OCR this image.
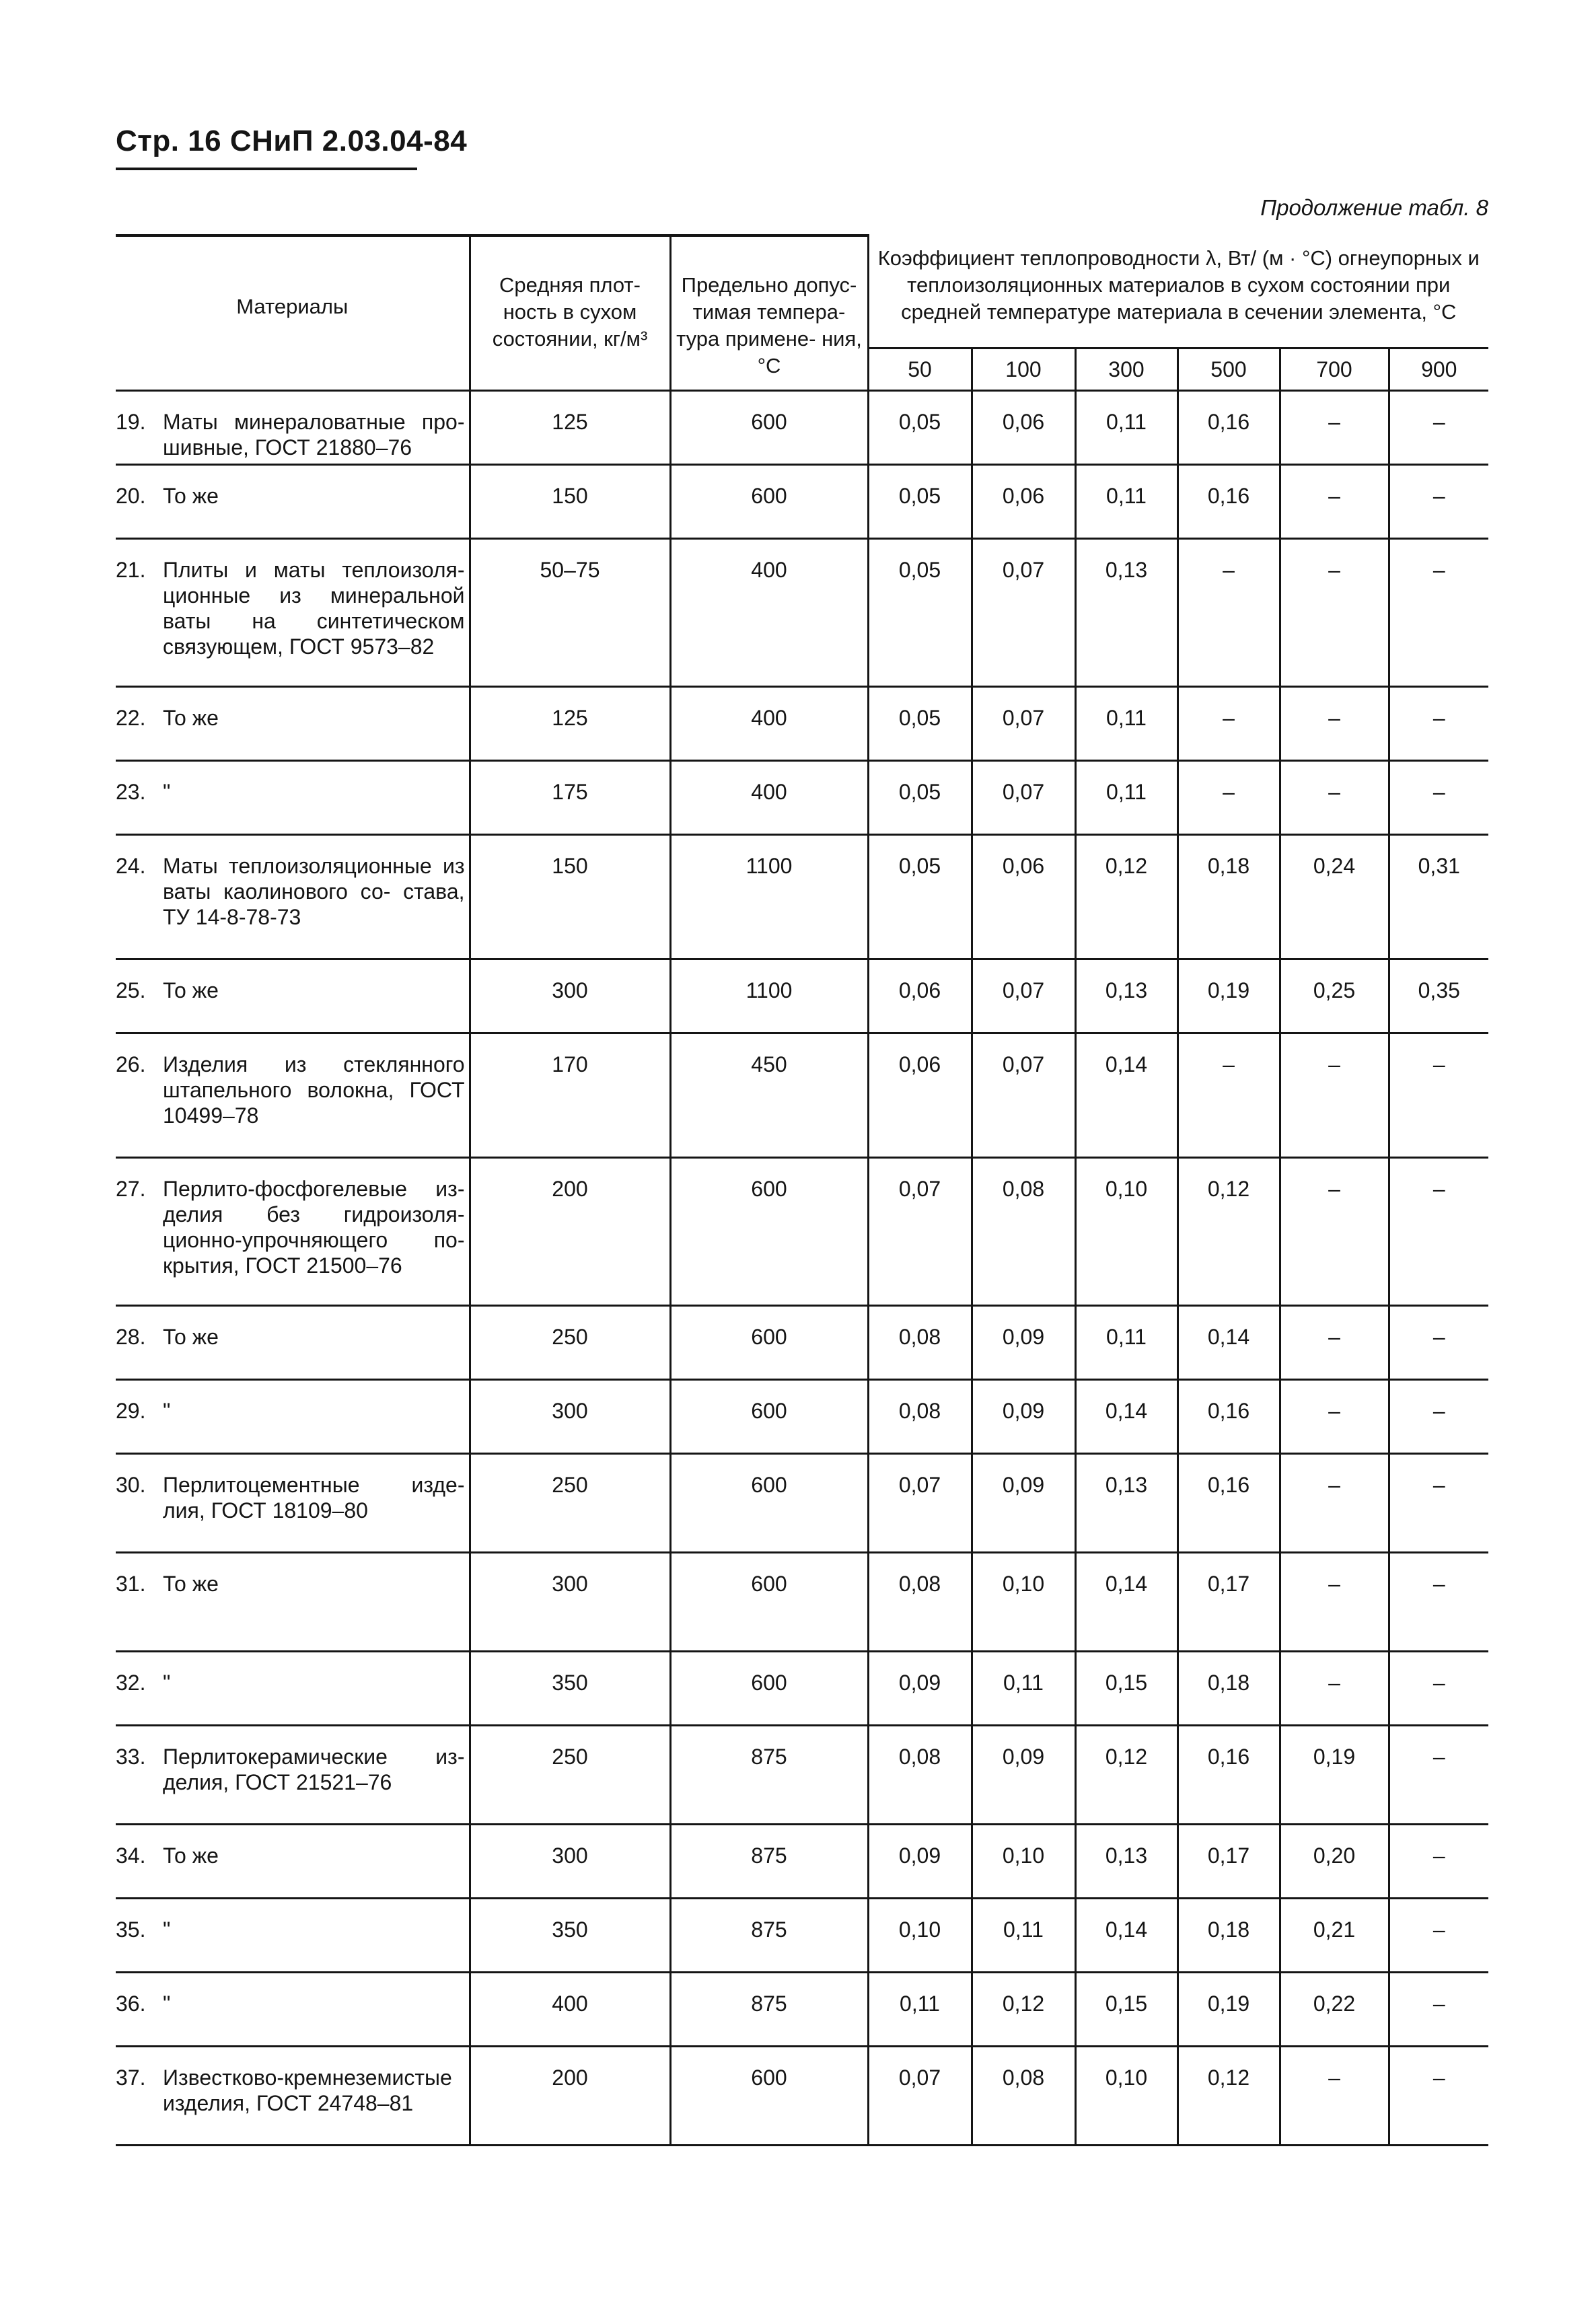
Стр. 16 СНиП 2.03.04-84
Продолжение табл. 8
Материалы	Средняя плот- ность в сухом состоянии, кг/м³	Предельно допус- тимая темпера- тура примене- ния, °С	Коэффициент теплопроводности λ, Вт/ (м · °С) огнеупорных и теплоизоляционных материалов в сухом состоянии при средней температуре материала в сечении элемента, °С					

			50	100	300	500	700	900

19. Маты минераловатные про- шивные, ГОСТ 21880–76	125	600	0,05	0,06	0,11	0,16	–	–

20. То же	150	600	0,05	0,06	0,11	0,16	–	–

21. Плиты и маты теплоизоля- ционные из минеральной ваты на синтетическом связующем, ГОСТ 9573–82	50–75	400	0,05	0,07	0,13	–	–	–

22. То же	125	400	0,05	0,07	0,11	–	–	–

23. "	175	400	0,05	0,07	0,11	–	–	–

24. Маты теплоизоляционные из ваты каолинового со- става, ТУ 14-8-78-73	150	1100	0,05	0,06	0,12	0,18	0,24	0,31

25. То же	300	1100	0,06	0,07	0,13	0,19	0,25	0,35

26. Изделия из стеклянного штапельного волокна, ГОСТ 10499–78	170	450	0,06	0,07	0,14	–	–	–

27. Перлито-фосфогелевые из- делия без гидроизоля- ционно-упрочняющего по- крытия, ГОСТ 21500–76	200	600	0,07	0,08	0,10	0,12	–	–

28. То же	250	600	0,08	0,09	0,11	0,14	–	–

29. "	300	600	0,08	0,09	0,14	0,16	–	–

30. Перлитоцементные изде- лия, ГОСТ 18109–80	250	600	0,07	0,09	0,13	0,16	–	–

31. То же	300	600	0,08	0,10	0,14	0,17	–	–

32. "	350	600	0,09	0,11	0,15	0,18	–	–

33. Перлитокерамические из- делия, ГОСТ 21521–76	250	875	0,08	0,09	0,12	0,16	0,19	–

34. То же	300	875	0,09	0,10	0,13	0,17	0,20	–

35. "	350	875	0,10	0,11	0,14	0,18	0,21	–

36. "	400	875	0,11	0,12	0,15	0,19	0,22	–

37. Известково-кремнеземистые изделия, ГОСТ 24748–81	200	600	0,07	0,08	0,10	0,12	–	–
